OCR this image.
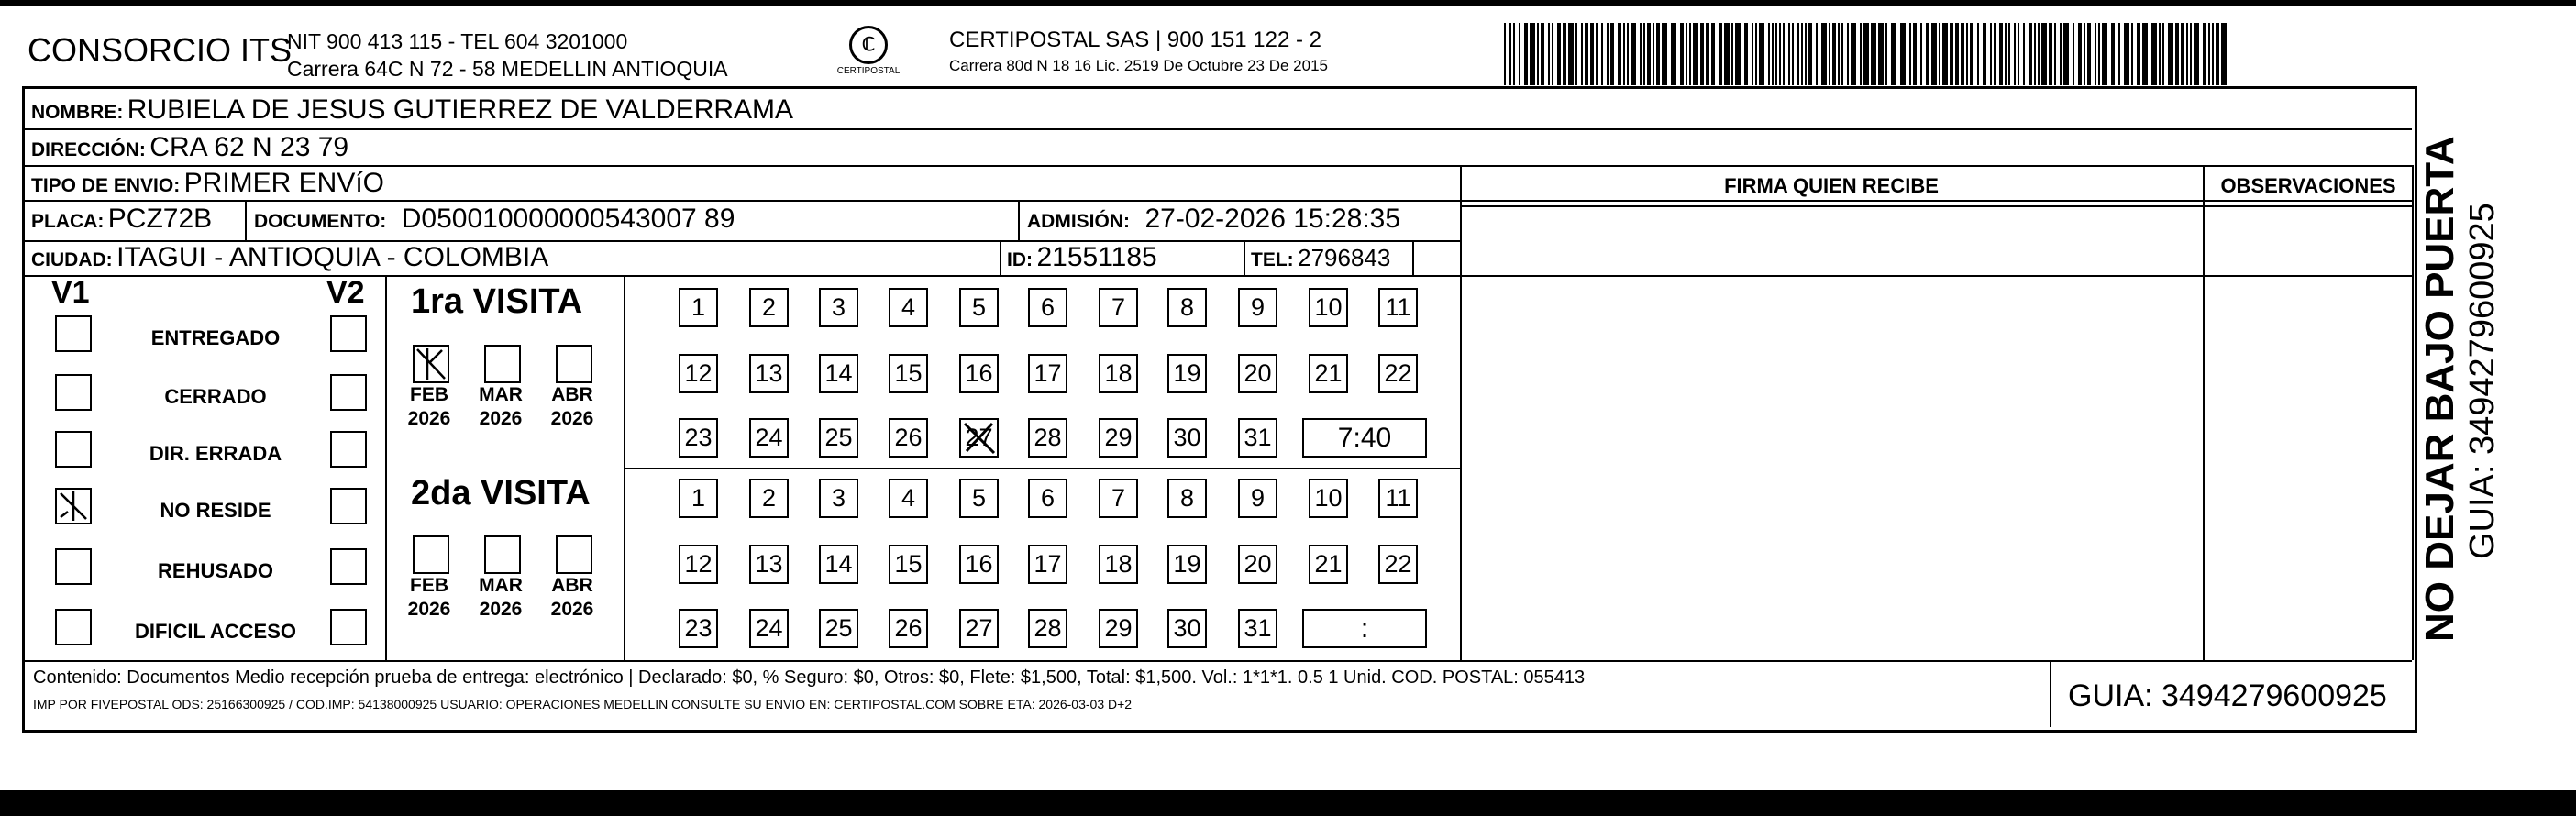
CONSORCIO ITS
NIT 900 413 115 - TEL 604 3201000
Carrera 64C N 72 - 58 MEDELLIN ANTIOQUIA
ℂ
CERTIPOSTAL
CERTIPOSTAL SAS | 900 151 122 - 2
Carrera 80d N 18 16 Lic. 2519 De Octubre 23 De 2015
NOMBRE: RUBIELA DE JESUS GUTIERREZ DE VALDERRAMA
DIRECCIÓN: CRA 62 N 23 79
TIPO DE ENVIO: PRIMER ENVíO	FIRMA QUIEN RECIBE	OBSERVACIONES
PLACA: PCZ72B DOCUMENTO: D050010000000543007 89	ADMISIÓN: 27-02-2026 15:28:35
CIUDAD: ITAGUI - ANTIOQUIA - COLOMBIA	ID: 21551185	TEL: 2796843
V1	V2
ENTREGADO
CERRADO
DIR. ERRADA
NO RESIDE
REHUSADO
DIFICIL ACCESO
1ra VISITA
2da VISITA
FEB
2026
MAR
2026
ABR
2026
1	2	3	4	5	6	7	8	9	10 11
12 13 14 15 16 17 18 19 20 21 22
23 24 25 26 27 28 29 30 31	7:40
FEB
2026
MAR
2026
ABR
2026
1	2	3	4	5	6	7	8	9	10 11
12 13 14 15 16 17 18 19 20 21 22
23 24 25 26 27 28 29 30 31	:	NO DEJAR BAJO PUERTA GUIA: 3494279600925
Contenido: Documentos Medio recepción prueba de entrega: electrónico | Declarado: $0, % Seguro: $0, Otros: $0, Flete: $1,500, Total: $1,500. Vol.: 1*1*1. 0.5 1 Unid. COD. POSTAL: 055413
IMP POR FIVEPOSTAL ODS: 25166300925 / COD.IMP: 54138000925 USUARIO: OPERACIONES MEDELLIN CONSULTE SU ENVIO EN: CERTIPOSTAL.COM SOBRE ETA: 2026-03-03 D+2	GUIA: 3494279600925
